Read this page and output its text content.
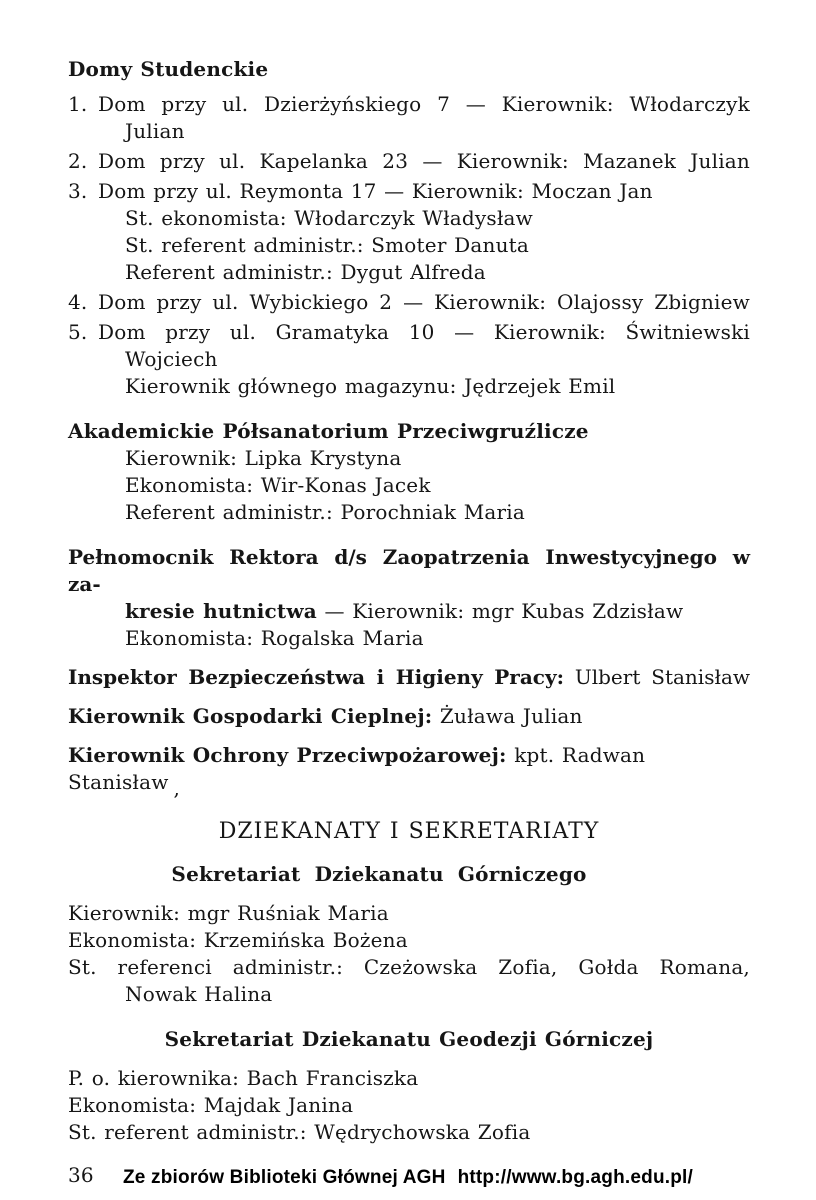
Domy Studenckie
1. Dom przy ul. Dzierżyńskiego 7 — Kierownik: Włodarczyk
Julian
2. Dom przy ul. Kapelanka 23 — Kierownik: Mazanek Julian
3. Dom przy ul. Reymonta 17 — Kierownik: Moczan Jan
St. ekonomista: Włodarczyk Władysław
St. referent administr.: Smoter Danuta
Referent administr.: Dygut Alfreda
4. Dom przy ul. Wybickiego 2 — Kierownik: Olajossy Zbigniew
5. Dom przy ul. Gramatyka 10 — Kierownik: Świtniewski
Wojciech
Kierownik głównego magazynu: Jędrzejek Emil
Akademickie Półsanatorium Przeciwgruźlicze
Kierownik: Lipka Krystyna
Ekonomista: Wir-Konas Jacek
Referent administr.: Porochniak Maria
Pełnomocnik Rektora d/s Zaopatrzenia Inwestycyjnego w za-
kresie hutnictwa — Kierownik: mgr Kubas Zdzisław
Ekonomista: Rogalska Maria
Inspektor Bezpieczeństwa i Higieny Pracy: Ulbert Stanisław
Kierownik Gospodarki Cieplnej: Żuława Julian
Kierownik Ochrony Przeciwpożarowej: kpt. Radwan Stanisław ,
DZIEKANATY I SEKRETARIATY
Sekretariat Dziekanatu Górniczego
Kierownik: mgr Ruśniak Maria
Ekonomista: Krzemińska Bożena
St. referenci administr.: Czeżowska Zofia, Gołda Romana,
Nowak Halina
Sekretariat Dziekanatu Geodezji Górniczej
P. o. kierownika: Bach Franciszka
Ekonomista: Majdak Janina
St. referent administr.: Wędrychowska Zofia
36	Ze zbiorów Biblioteki Głównej AGH http://www.bg.agh.edu.pl/
